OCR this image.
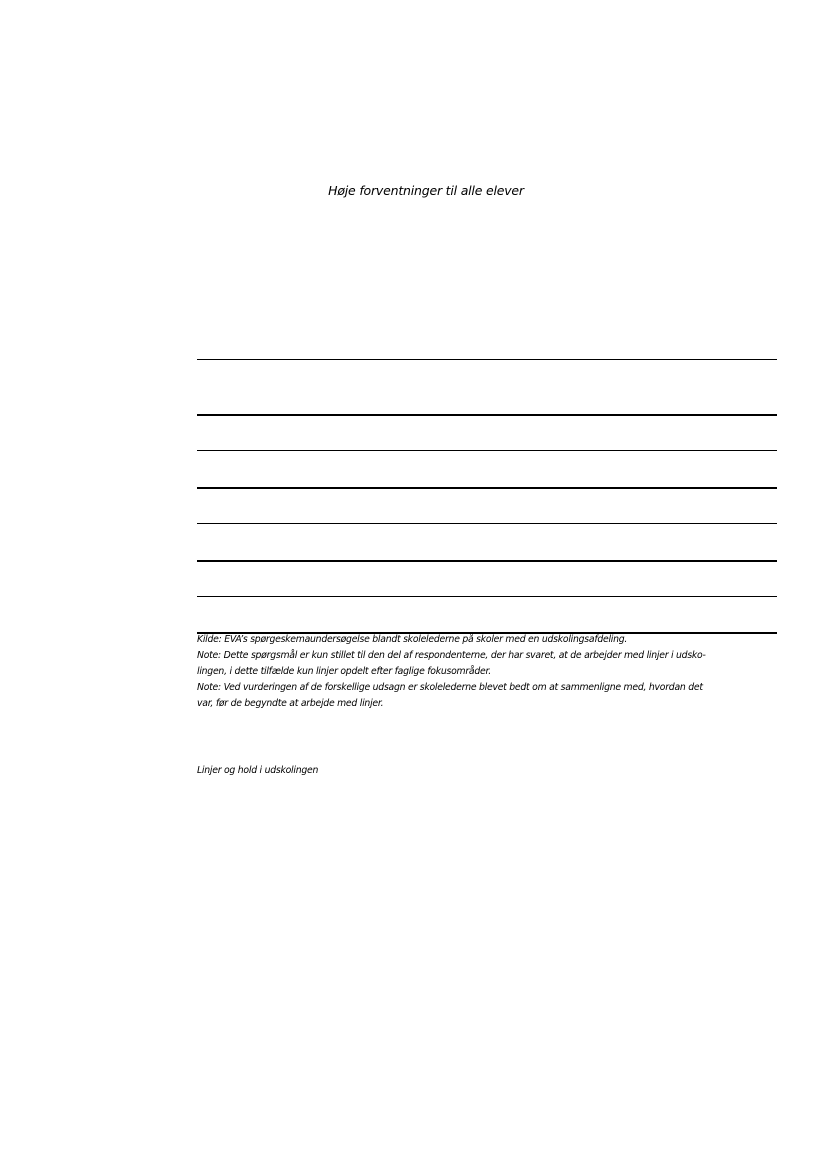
Høje forventninger til alle elever
Kilde: EVA’s spørgeskemaundersøgelse blandt skolelederne på skoler med en udskolingsafdeling.
Note: Dette spørgsmål er kun stillet til den del af respondenterne, der har svaret, at de arbejder med linjer i udsko-
lingen, i dette tilfælde kun linjer opdelt efter faglige fokusområder.
Note: Ved vurderingen af de forskellige udsagn er skolelederne blevet bedt om at sammenligne med, hvordan det
var, før de begyndte at arbejde med linjer.
Linjer og hold i udskolingen
